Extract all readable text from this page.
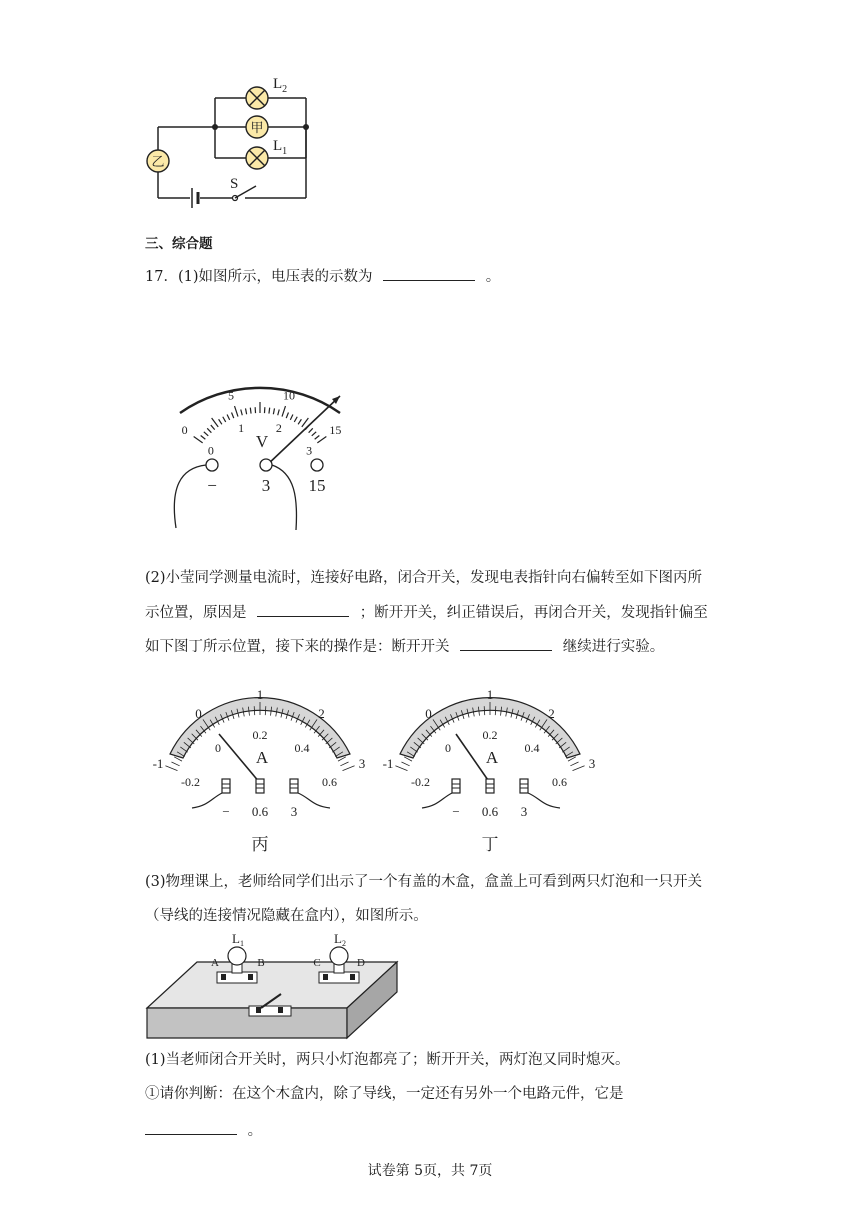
甲
乙
$L_2$
$L_1$
S
三、综合题
17．(1)如图所示，电压表的示数为	。
0
5	10
15
0
1	2
3
V
−	3 15
(2)小莹同学测量电流时，连接好电路，闭合开关，发现电表指针向右偏转至如下图丙所
示位置，原因是	；断开开关，纠正错误后，再闭合开关，发现指针偏至
如下图丁所示位置，接下来的操作是：断开开关	继续进行实验。
-1
0
1
2
3
-0.2
0
0.2
0.4
0.6
A
丙
− 0.6 3
-1
0
1
2
3
-0.2
0
0.2
0.4
0.6
A
丁
− 0.6 3
(3)物理课上，老师给同学们出示了一个有盖的木盒，盒盖上可看到两只灯泡和一只开关
（导线的连接情况隐藏在盒内），如图所示。
$L_1$	$L_2$
A	B	C	D
(1)当老师闭合开关时，两只小灯泡都亮了；断开开关，两灯泡又同时熄灭。
①请你判断：在这个木盒内，除了导线，一定还有另外一个电路元件，它是
。
试卷第 5页，共 7页
